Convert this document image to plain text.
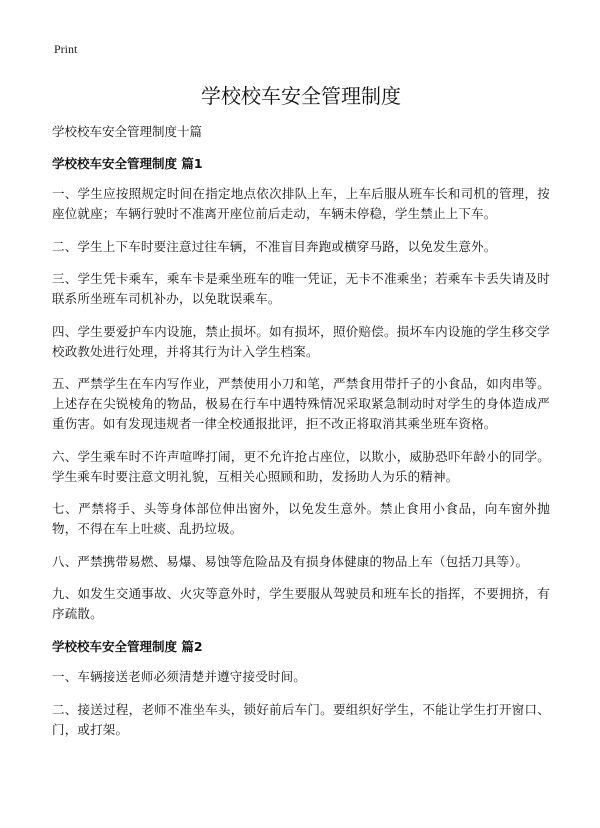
Print
学校校车安全管理制度
学校校车安全管理制度十篇
学校校车安全管理制度 篇1

一、学生应按照规定时间在指定地点依次排队上车，上车后服从班车长和司机的管理，按座位就座；车辆行驶时不准离开座位前后走动，车辆未停稳，学生禁止上下车。

二、学生上下车时要注意过往车辆，不准盲目奔跑或横穿马路，以免发生意外。

三、学生凭卡乘车，乘车卡是乘坐班车的唯一凭证，无卡不准乘坐；若乘车卡丢失请及时联系所坐班车司机补办，以免耽误乘车。

四、学生要爱护车内设施，禁止损坏。如有损坏，照价赔偿。损坏车内设施的学生移交学校政教处进行处理，并将其行为计入学生档案。

五、严禁学生在车内写作业，严禁使用小刀和笔，严禁食用带扦子的小食品，如肉串等。上述存在尖锐棱角的物品，极易在行车中遇特殊情况采取紧急制动时对学生的身体造成严重伤害。如有发现违规者一律全校通报批评，拒不改正将取消其乘坐班车资格。

六、学生乘车时不许声喧哗打闹，更不允许抢占座位，以欺小，威胁恐吓年龄小的同学。学生乘车时要注意文明礼貌，互相关心照顾和助，发扬助人为乐的精神。

七、严禁将手、头等身体部位伸出窗外，以免发生意外。禁止食用小食品，向车窗外抛物，不得在车上吐痰、乱扔垃圾。

八、严禁携带易燃、易爆、易蚀等危险品及有损身体健康的物品上车（包括刀具等）。

九、如发生交通事故、火灾等意外时，学生要服从驾驶员和班车长的指挥，不要拥挤，有序疏散。

学校校车安全管理制度 篇2

一、车辆接送老师必须清楚并遵守接受时间。

二、接送过程，老师不准坐车头，锁好前后车门。要组织好学生，不能让学生打开窗口、门，或打架。
